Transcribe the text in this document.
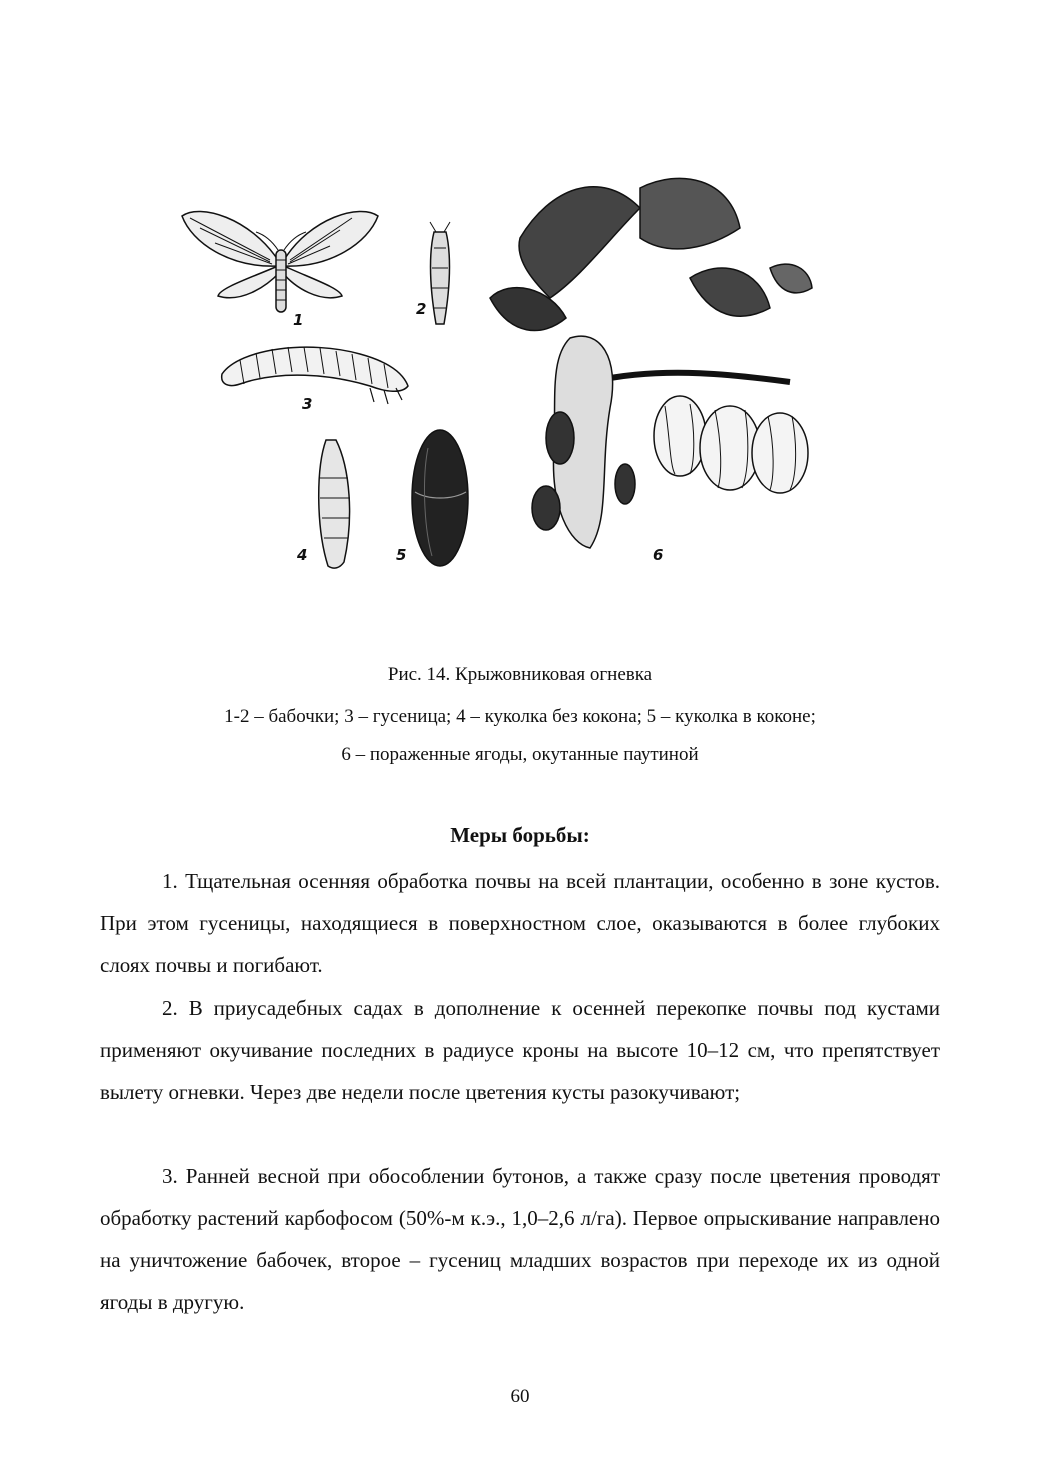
1
2
3
4	5	6
Рис. 14. Крыжовниковая огневка
1-2 – бабочки; 3 – гусеница; 4 – куколка без кокона; 5 – куколка в коконе;
6 – пораженные ягоды, окутанные паутиной
Меры борьбы:

1. Тщательная осенняя обработка почвы на всей плантации, особенно в зоне кустов. При этом гусеницы, находящиеся в поверхностном слое, оказываются в более глубоких слоях почвы и погибают.

2. В приусадебных садах в дополнение к осенней перекопке почвы под кустами применяют окучивание последних в радиусе кроны на высоте 10–12 см, что препятствует вылету огневки. Через две недели после цветения кусты разокучивают;

3. Ранней весной при обособлении бутонов, а также сразу после цветения проводят обработку растений карбофосом (50%-м к.э., 1,0–2,6 л/га). Первое опрыскивание направлено на уничтожение бабочек, второе – гусениц младших возрастов при переходе их из одной ягоды в другую.

60
